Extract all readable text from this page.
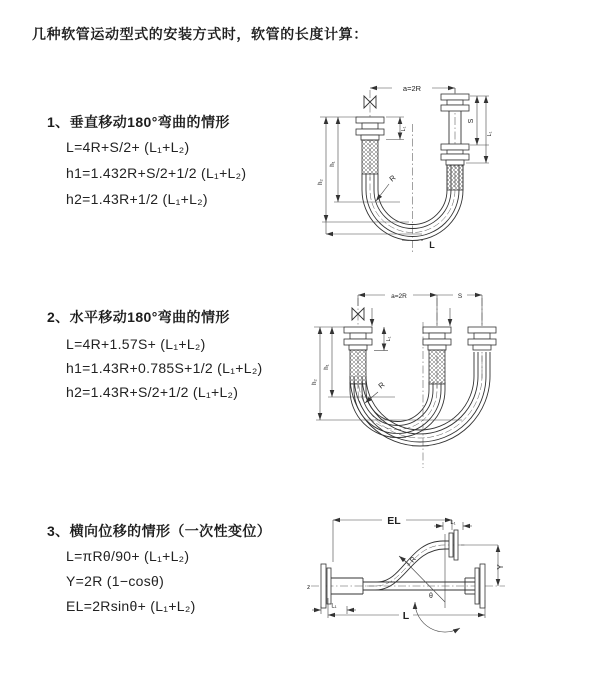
几种软管运动型式的安装方式时，软管的长度计算：
1、垂直移动180°弯曲的情形
L=4R+S/2+ (L₁+L₂)
h1=1.432R+S/2+1/2 (L₁+L₂)
h2=1.43R+1/2 (L₁+L₂)
2、水平移动180°弯曲的情形
L=4R+1.57S+ (L₁+L₂)
h1=1.43R+0.785S+1/2 (L₁+L₂)
h2=1.43R+S/2+1/2 (L₁+L₂)
3、横向位移的情形（一次性变位）
L=πRθ/90+ (L₁+L₂)
Y=2R (1−cosθ)
EL=2Rsinθ+ (L₁+L₂)
a=2R
S
L₁
L₁
h₁
h₂	R
L
a=2R	S
L₁
h₁
h₂	R
EL	L₁
Y
L
L₁
R
θ
z
